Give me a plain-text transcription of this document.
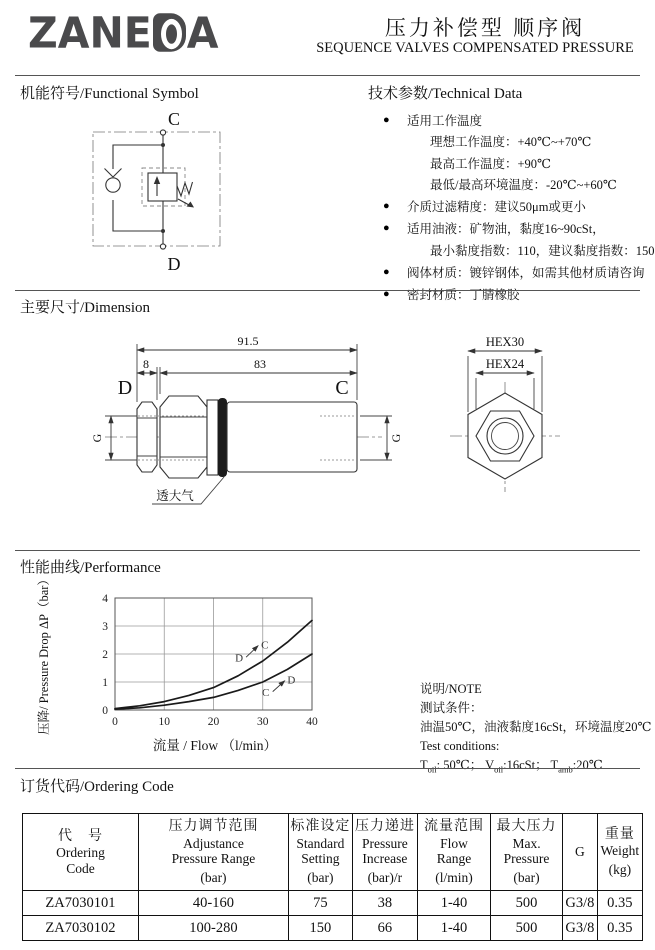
ZANE A	压力补偿型 顺序阀
SEQUENCE VALVES COMPENSATED PRESSURE
机能符号/Functional Symbol	技术参数/Technical Data
C
D
● 适用工作温度
理想工作温度：+40℃~+70℃
最高工作温度：+90℃
最低/最高环境温度：-20℃~+60℃
● 介质过滤精度：建议50μm或更小
● 适用油液：矿物油，黏度16~90cSt，
最小黏度指数：110，建议黏度指数：150
● 阀体材质：镀锌钢体，如需其他材质请咨询
● 密封材质：丁腈橡胶
主要尺寸/Dimension
91.5
83
8
D	C
G	G
透大气
HEX30
HEX24
性能曲线/Performance
压降/ Pressure Drop ΔP（bar）
流量 / Flow （l/min）
0	10	20	30	40
0
1
2
3
4
D
C
C
D
说明/NOTE
测试条件：
油温50℃，油液黏度16cSt，环境温度20℃
Test conditions:
$T_{oil}$: 50℃； $V_{oil}:16cSt$； $T_{amb}:20℃$
订货代码/Ordering Code
代　号
Ordering
Code

压力调节范围
Adjustance
Pressure Range
(bar)

标准设定
Standard
Setting
(bar)

压力递进
Pressure
Increase
(bar)/r

流量范围
Flow
Range
(l/min)

最大压力
Max.
Pressure
(bar)

G

重量
Weight
(kg)

ZA7030101	40-160	75	38	1-40	500	G3/8	0.35
ZA7030102	100-280	150	66	1-40	500	G3/8	0.35
